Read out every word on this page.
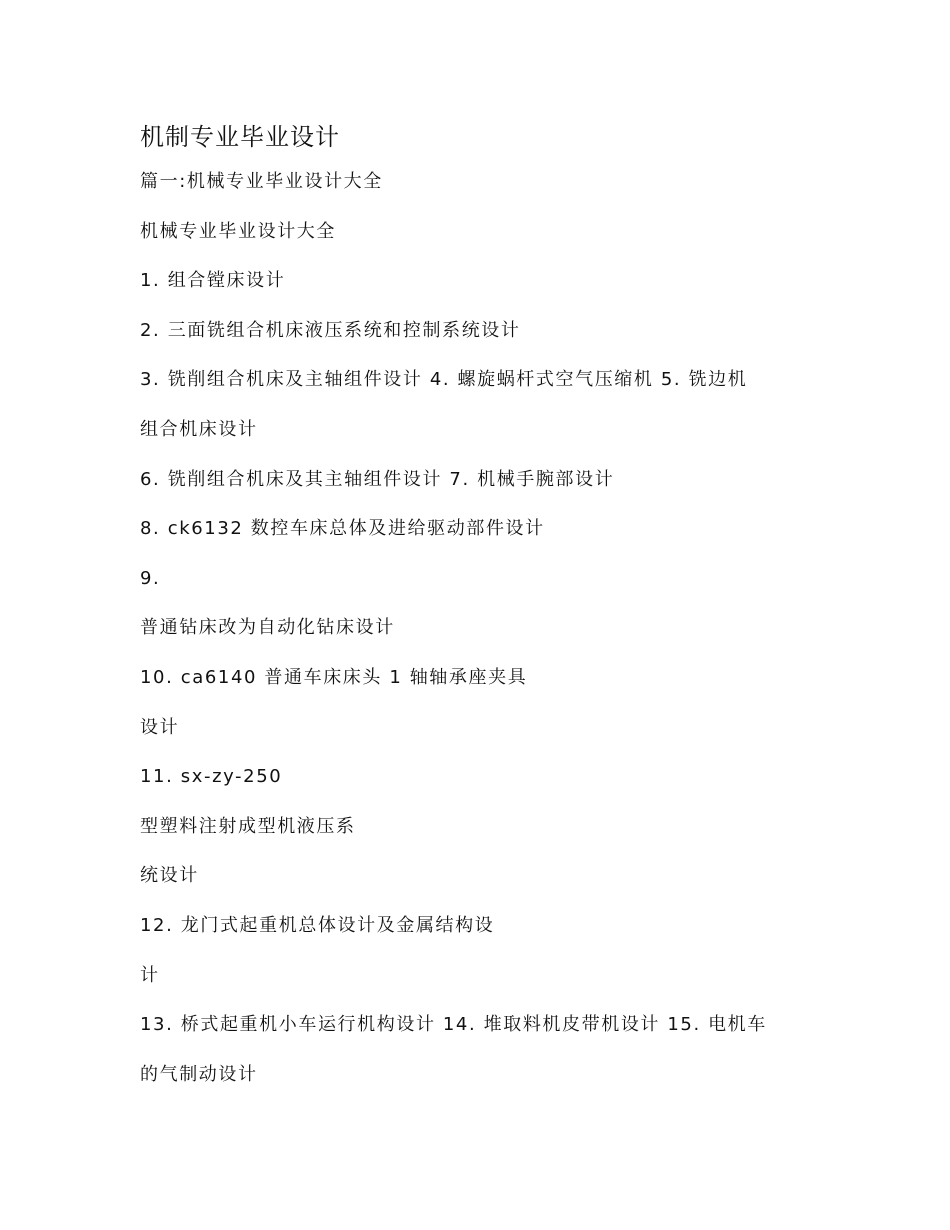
机制专业毕业设计
篇一:机械专业毕业设计大全
机械专业毕业设计大全
1. 组合镗床设计
2. 三面铣组合机床液压系统和控制系统设计
3. 铣削组合机床及主轴组件设计 4. 螺旋蜗杆式空气压缩机 5. 铣边机
组合机床设计
6. 铣削组合机床及其主轴组件设计 7. 机械手腕部设计
8. ck6132 数控车床总体及进给驱动部件设计
9.
普通钻床改为自动化钻床设计
10. ca6140 普通车床床头 1 轴轴承座夹具
设计
11. sx-zy-250
型塑料注射成型机液压系
统设计
12. 龙门式起重机总体设计及金属结构设
计
13. 桥式起重机小车运行机构设计 14. 堆取料机皮带机设计 15. 电机车
的气制动设计
